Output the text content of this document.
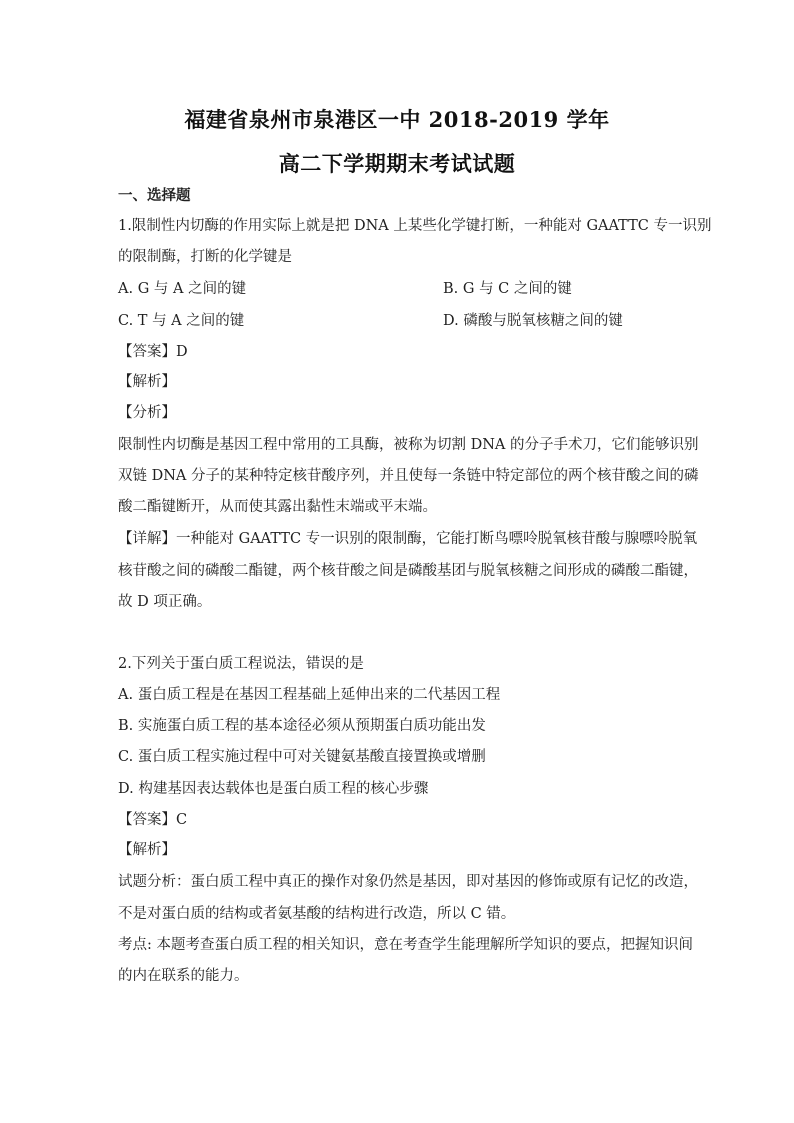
福建省泉州市泉港区一中 2018-2019 学年
高二下学期期末考试试题
一、选择题
1.限制性内切酶的作用实际上就是把 DNA 上某些化学键打断，一种能对 GAATTC 专一识别
的限制酶，打断的化学键是
A. G 与 A 之间的键	B. G 与 C 之间的键
C. T 与 A 之间的键	D. 磷酸与脱氧核糖之间的键
【答案】D
【解析】
【分析】
限制性内切酶是基因工程中常用的工具酶，被称为切割 DNA 的分子手术刀，它们能够识别
双链 DNA 分子的某种特定核苷酸序列，并且使每一条链中特定部位的两个核苷酸之间的磷
酸二酯键断开，从而使其露出黏性末端或平末端。
【详解】一种能对 GAATTC 专一识别的限制酶，它能打断鸟嘌呤脱氧核苷酸与腺嘌呤脱氧
核苷酸之间的磷酸二酯键，两个核苷酸之间是磷酸基团与脱氧核糖之间形成的磷酸二酯键，
故 D 项正确。
2.下列关于蛋白质工程说法，错误的是
A. 蛋白质工程是在基因工程基础上延伸出来的二代基因工程
B. 实施蛋白质工程的基本途径必须从预期蛋白质功能出发
C. 蛋白质工程实施过程中可对关键氨基酸直接置换或增删
D. 构建基因表达载体也是蛋白质工程的核心步骤
【答案】C
【解析】
试题分析：蛋白质工程中真正的操作对象仍然是基因，即对基因的修饰或原有记忆的改造，
不是对蛋白质的结构或者氨基酸的结构进行改造，所以 C 错。
考点: 本题考查蛋白质工程的相关知识，意在考查学生能理解所学知识的要点，把握知识间
的内在联系的能力。
